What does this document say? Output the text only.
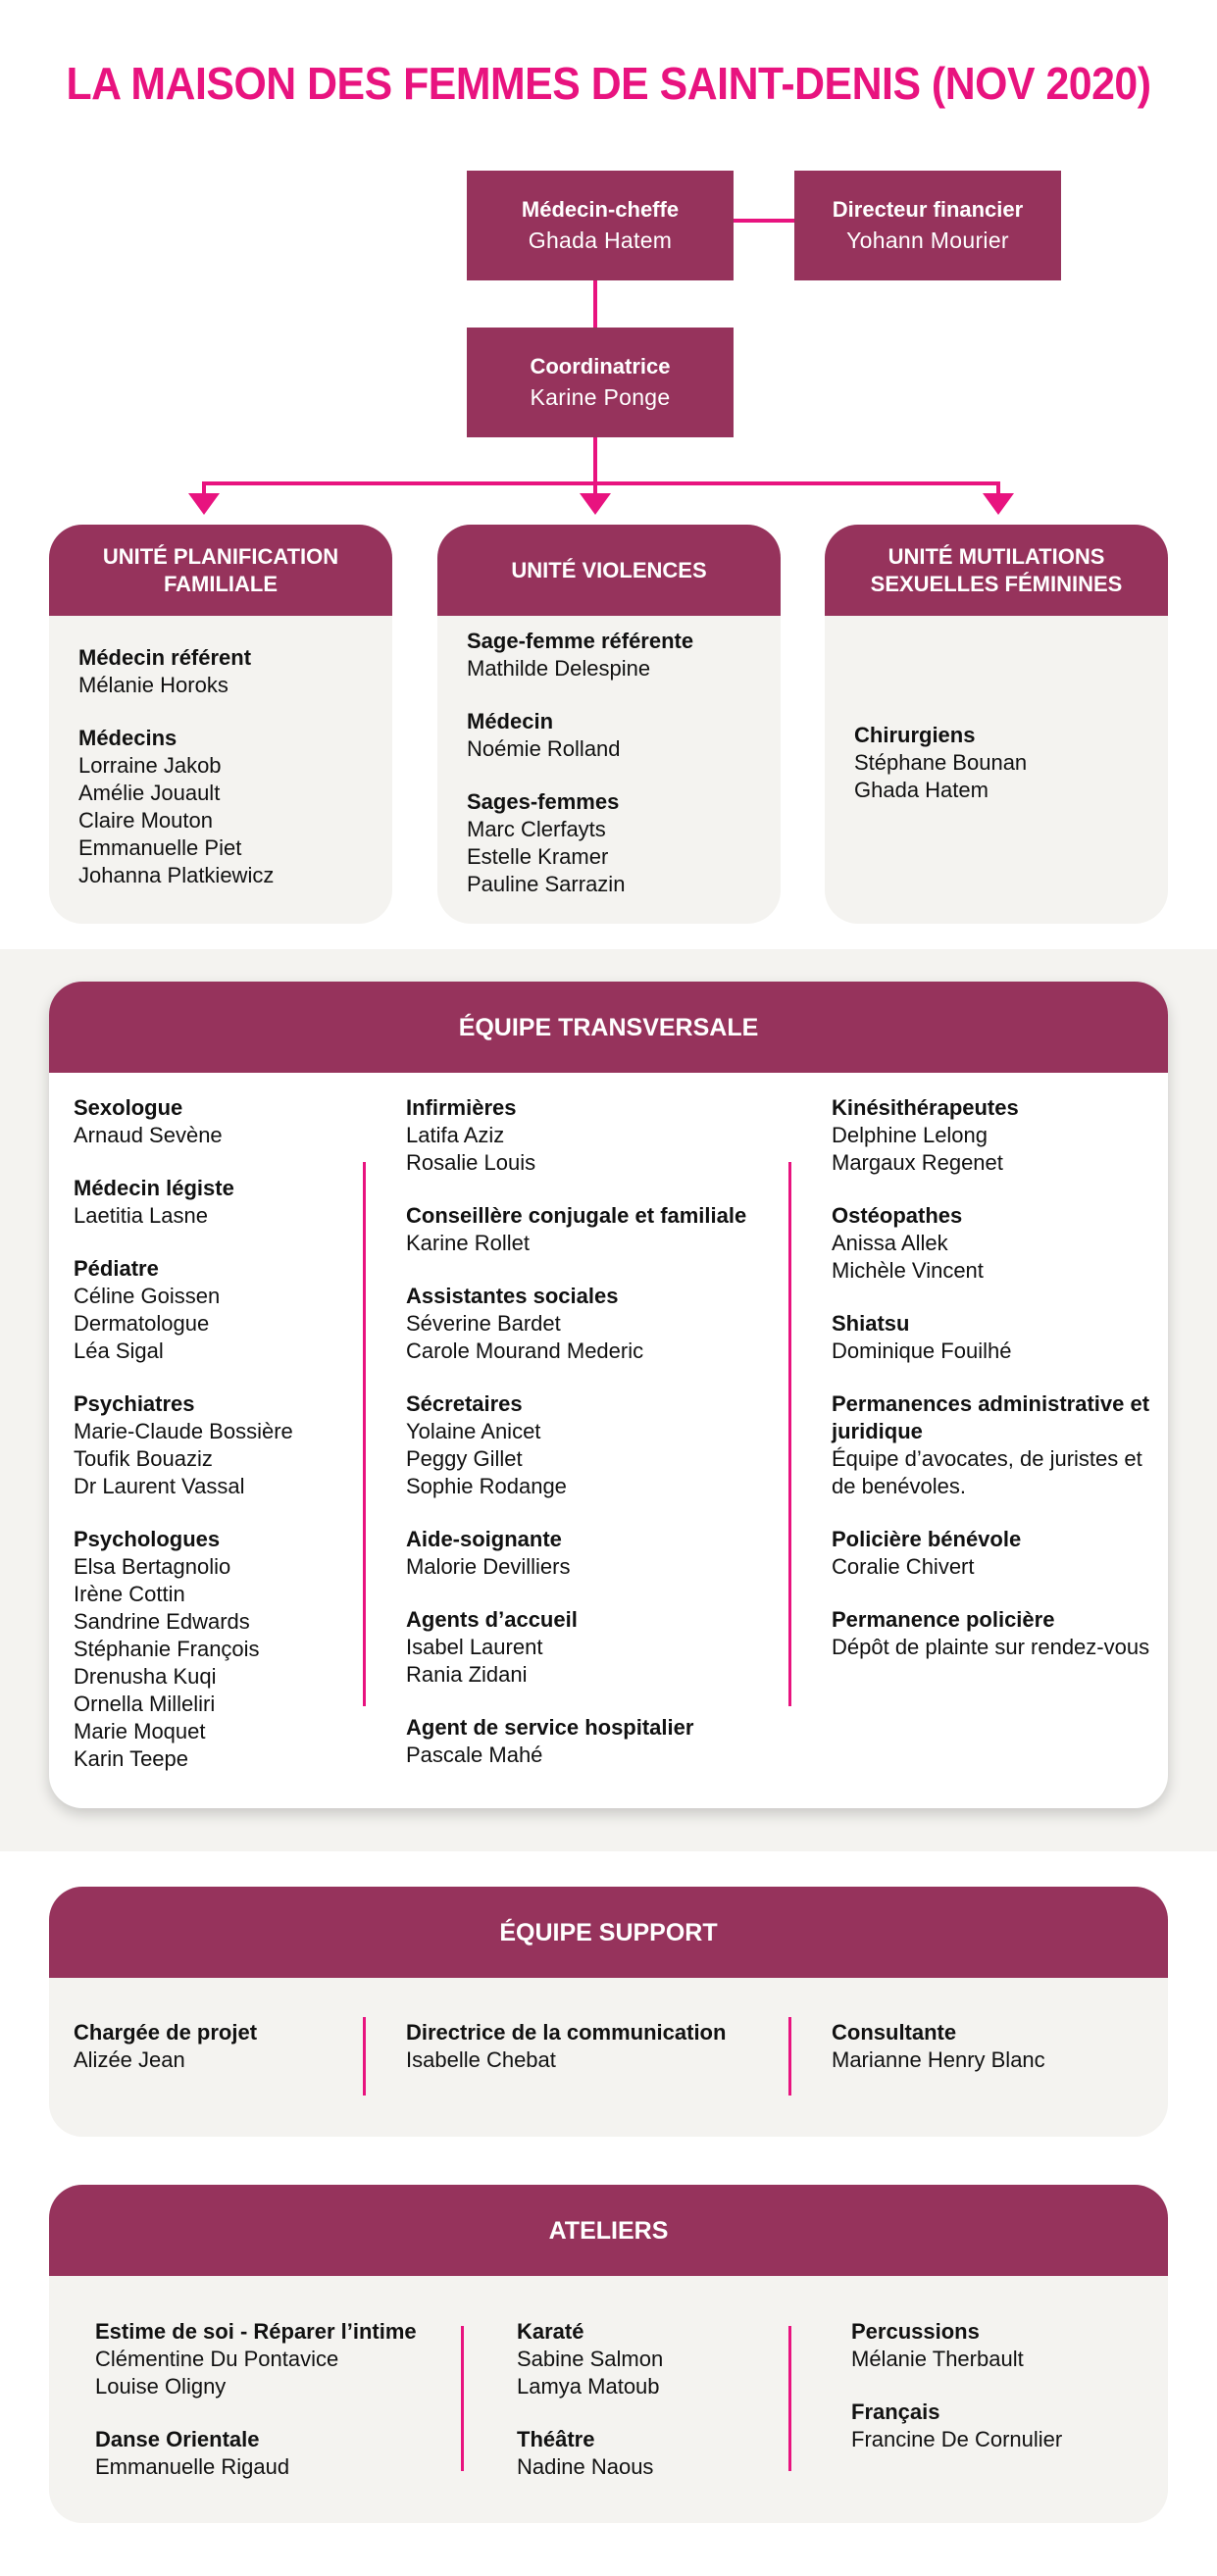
LA MAISON DES FEMMES DE SAINT-DENIS (NOV 2020)
Médecin-cheffe
Ghada Hatem
Directeur financier
Yohann Mourier
Coordinatrice
Karine Ponge
UNITÉ PLANIFICATION FAMILIALE
Médecin référent
Mélanie Horoks
Médecins
Lorraine Jakob
Amélie Jouault
Claire Mouton
Emmanuelle Piet
Johanna Platkiewicz
UNITÉ VIOLENCES
Sage-femme référente
Mathilde Delespine
Médecin
Noémie Rolland
Sages-femmes
Marc Clerfayts
Estelle Kramer
Pauline Sarrazin
UNITÉ MUTILATIONS SEXUELLES FÉMININES
Chirurgiens
Stéphane Bounan
Ghada Hatem
ÉQUIPE TRANSVERSALE
Sexologue
Arnaud Sevène
Médecin légiste
Laetitia Lasne
Pédiatre
Céline Goissen
Dermatologue
Léa Sigal
Psychiatres
Marie-Claude Bossière
Toufik Bouaziz
Dr Laurent Vassal
Psychologues
Elsa Bertagnolio
Irène Cottin
Sandrine Edwards
Stéphanie François
Drenusha Kuqi
Ornella Milleliri
Marie Moquet
Karin Teepe
Infirmières
Latifa Aziz
Rosalie Louis
Conseillère conjugale et familiale
Karine Rollet
Assistantes sociales
Séverine Bardet
Carole Mourand Mederic
Sécretaires
Yolaine Anicet
Peggy Gillet
Sophie Rodange
Aide-soignante
Malorie Devilliers
Agents d’accueil
Isabel Laurent
Rania Zidani
Agent de service hospitalier
Pascale Mahé
Kinésithérapeutes
Delphine Lelong
Margaux Regenet
Ostéopathes
Anissa Allek
Michèle Vincent
Shiatsu
Dominique Fouilhé
Permanences administrative et juridique
Équipe d’avocates, de juristes et de benévoles.
Policière bénévole
Coralie Chivert
Permanence policière
Dépôt de plainte sur rendez-vous
ÉQUIPE SUPPORT
Chargée de projet
Alizée Jean
Directrice de la communication
Isabelle Chebat
Consultante
Marianne Henry Blanc
ATELIERS
Estime de soi - Réparer l’intime
Clémentine Du Pontavice
Louise Oligny
Danse Orientale
Emmanuelle Rigaud
Karaté
Sabine Salmon
Lamya Matoub
Théâtre
Nadine Naous
Percussions
Mélanie Therbault
Français
Francine De Cornulier
